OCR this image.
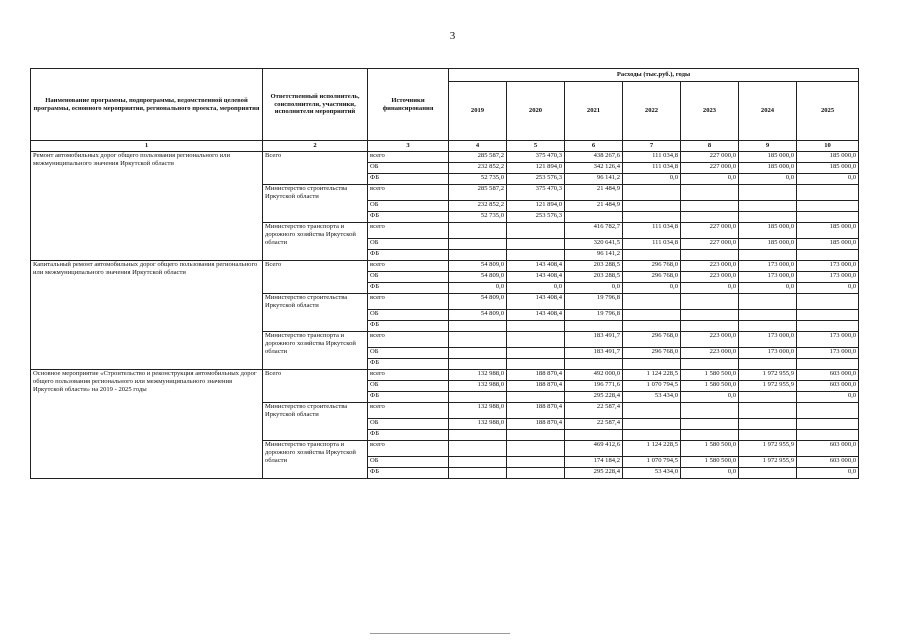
3
Наименование программы, подпрограммы, ведомственной целевой программы, основного мероприятия, регионального проекта, мероприятия	Ответственный исполнитель, соисполнители, участники, исполнители мероприятий	Источники финансирования	Расходы (тыс.руб.), годы						
			2019	2020	2021	2022	2023	2024	2025
1	2	3	4	5	6	7	8	9	10
Ремонт автомобильных дорог общего пользования регионального или межмуниципального значения Иркутской области	Всего	всего	285 587,2	375 470,3	438 267,6	111 034,8	227 000,0	185 000,0	185 000,0
		ОБ	232 852,2	121 894,0	342 126,4	111 034,8	227 000,0	185 000,0	185 000,0
		ФБ	52 735,0	253 576,3	96 141,2	0,0	0,0	0,0	0,0
	Министерство строительства Иркутской области	всего	285 587,2	375 470,3	21 484,9				
		ОБ	232 852,2	121 894,0	21 484,9				
		ФБ	52 735,0	253 576,3					
	Министерство транспорта и дорожного хозяйства Иркутской области	всего			416 782,7	111 034,8	227 000,0	185 000,0	185 000,0
		ОБ			320 641,5	111 034,8	227 000,0	185 000,0	185 000,0
		ФБ			96 141,2				
Капитальный ремонт автомобильных дорог общего пользования регионального или межмуниципального значения Иркутской области	Всего	всего	54 809,0	143 408,4	203 288,5	296 768,0	223 000,0	173 000,0	173 000,0
		ОБ	54 809,0	143 408,4	203 288,5	296 768,0	223 000,0	173 000,0	173 000,0
		ФБ	0,0	0,0	0,0	0,0	0,0	0,0	0,0
	Министерство строительства Иркутской области	всего	54 809,0	143 408,4	19 796,8				
		ОБ	54 809,0	143 408,4	19 796,8				
		ФБ							
	Министерство транспорта и дорожного хозяйства Иркутской области	всего			183 491,7	296 768,0	223 000,0	173 000,0	173 000,0
		ОБ			183 491,7	296 768,0	223 000,0	173 000,0	173 000,0
		ФБ							
Основное мероприятие «Строительство и реконструкция автомобильных дорог общего пользования регионального или межмуниципального значения Иркутской области» на 2019 - 2025 годы	Всего	всего	132 988,0	188 870,4	492 000,0	1 124 228,5	1 580 500,0	1 972 955,9	603 000,0
		ОБ	132 988,0	188 870,4	196 771,6	1 070 794,5	1 580 500,0	1 972 955,9	603 000,0
		ФБ			295 228,4	53 434,0	0,0		0,0
	Министерство строительства Иркутской области	всего	132 988,0	188 870,4	22 587,4				
		ОБ	132 988,0	188 870,4	22 587,4				
		ФБ							
	Министерство транспорта и дорожного хозяйства Иркутской области	всего			469 412,6	1 124 228,5	1 580 500,0	1 972 955,9	603 000,0
		ОБ			174 184,2	1 070 794,5	1 580 500,0	1 972 955,9	603 000,0
		ФБ			295 228,4	53 434,0	0,0		0,0
